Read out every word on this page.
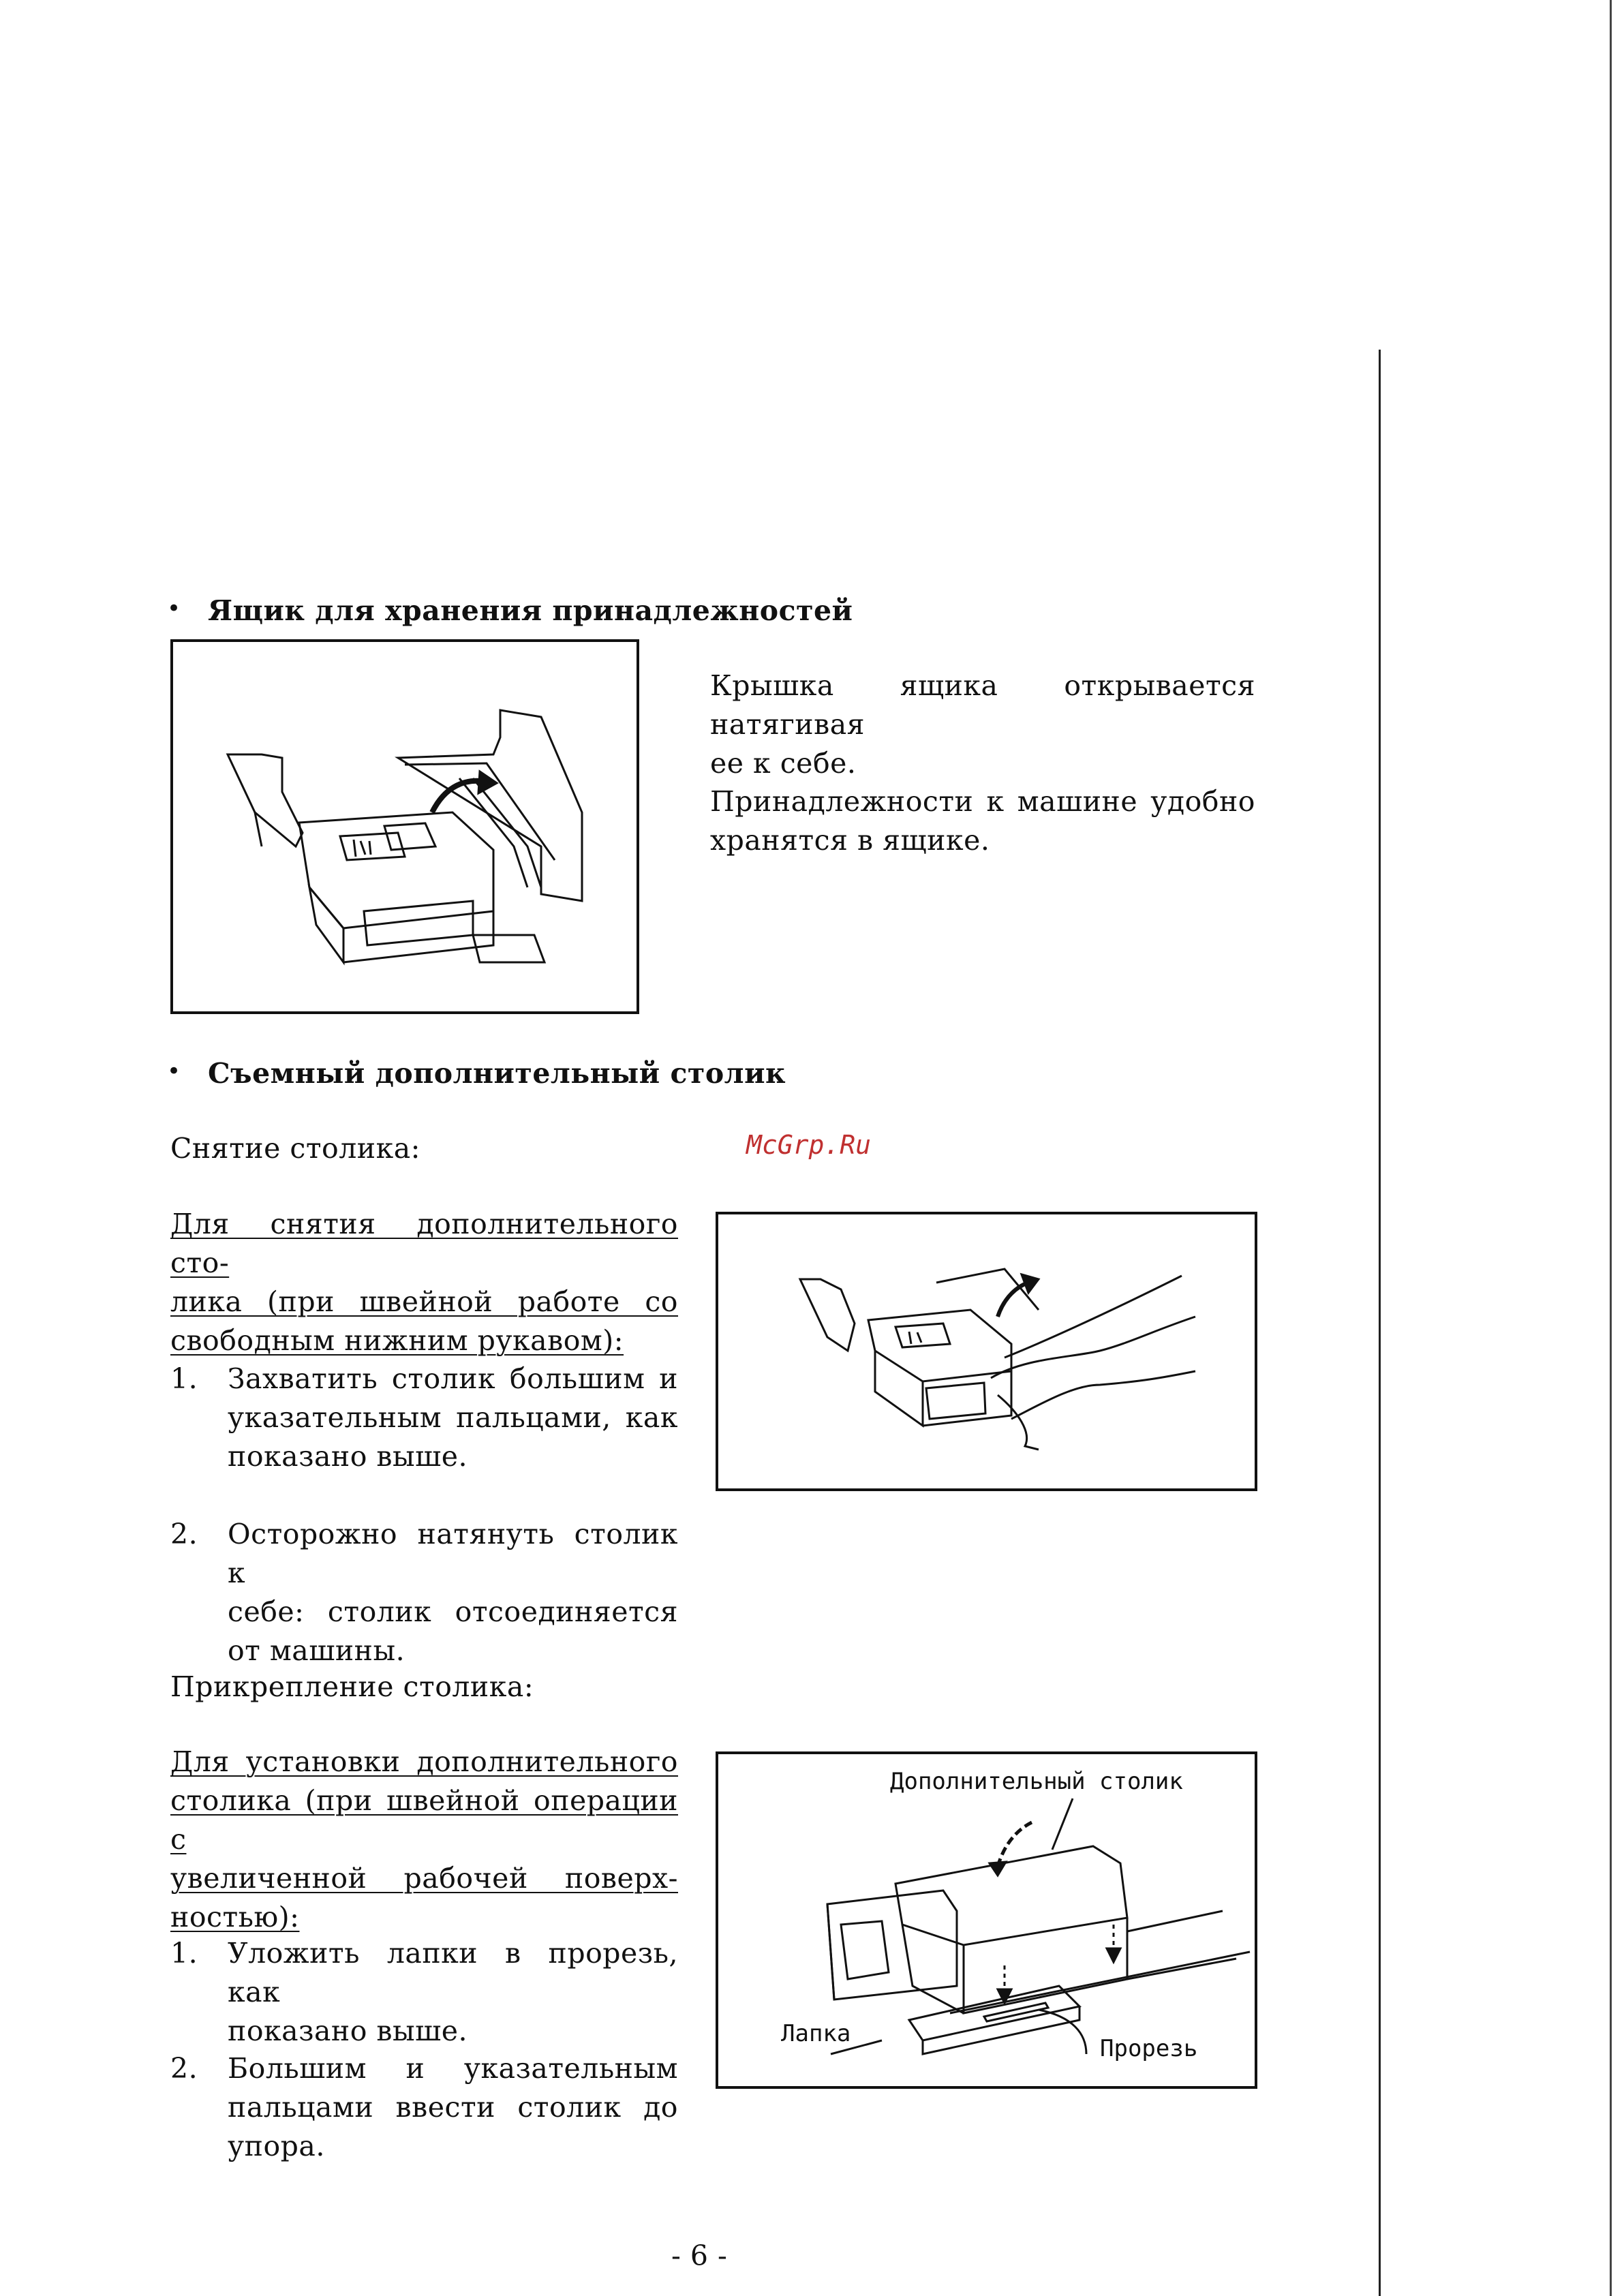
• Ящик для хранения принадлежностей
Крышка ящика открывается натягивая
ее к себе.
Принадлежности к машине удобно
хранятся в ящике.
• Съемный дополнительный столик
Снятие столика:	McGrp.Ru
Для снятия дополнительного сто-
лика (при швейной работе со
свободным нижним рукавом):
1. Захватить столик большим и
указательным пальцами, как
показано выше.
2. Осторожно натянуть столик к
себе: столик отсоединяется
от машины.
Прикрепление столика:
Для установки дополнительного
столика (при швейной операции с
увеличенной рабочей поверх-
ностью):
1. Уложить лапки в прорезь, как
показано выше.
2. Большим и указательным
пальцами ввести столик до
упора.
Дополнительный столик
Лапка
Прорезь
- 6 -
